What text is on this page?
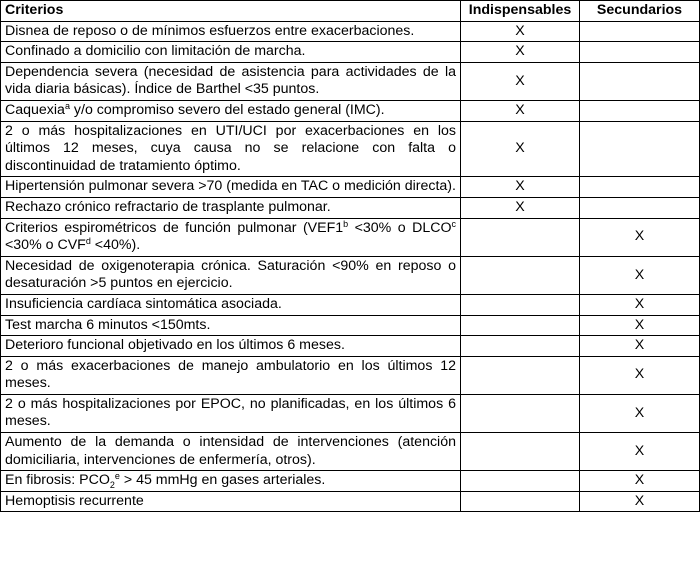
Criterios	Indispensables	Secundarios
Disnea de reposo o de mínimos esfuerzos entre exacerbaciones.	X	
Confinado a domicilio con limitación de marcha.	X	
Dependencia severa (necesidad de asistencia para actividades de la vida diaria básicas). Índice de Barthel <35 puntos.	X	
Caquexia$^a$ y/o compromiso severo del estado general (IMC).	X	
2 o más hospitalizaciones en UTI/UCI por exacerbaciones en los últimos 12 meses, cuya causa no se relacione con falta o discontinuidad de tratamiento óptimo.	X	
Hipertensión pulmonar severa >70 (medida en TAC o medición directa).	X	
Rechazo crónico refractario de trasplante pulmonar.	X	
Criterios espirométricos de función pulmonar ($VEF1^b <30\%$ o $DLCO^c <30\%$ o $CVF^d <40\%$).		X
Necesidad de oxigenoterapia crónica. Saturación <90% en reposo o desaturación >5 puntos en ejercicio.		X
Insuficiencia cardíaca sintomática asociada.		X
Test marcha 6 minutos <150mts.		X
Deterioro funcional objetivado en los últimos 6 meses.		X
2 o más exacerbaciones de manejo ambulatorio en los últimos 12 meses.		X
2 o más hospitalizaciones por EPOC, no planificadas, en los últimos 6 meses.		X
Aumento de la demanda o intensidad de intervenciones (atención domiciliaria, intervenciones de enfermería, otros).		X
En fibrosis: $PCO_2^e > 45$ mmHg en gases arteriales.		X
Hemoptisis recurrente		X
